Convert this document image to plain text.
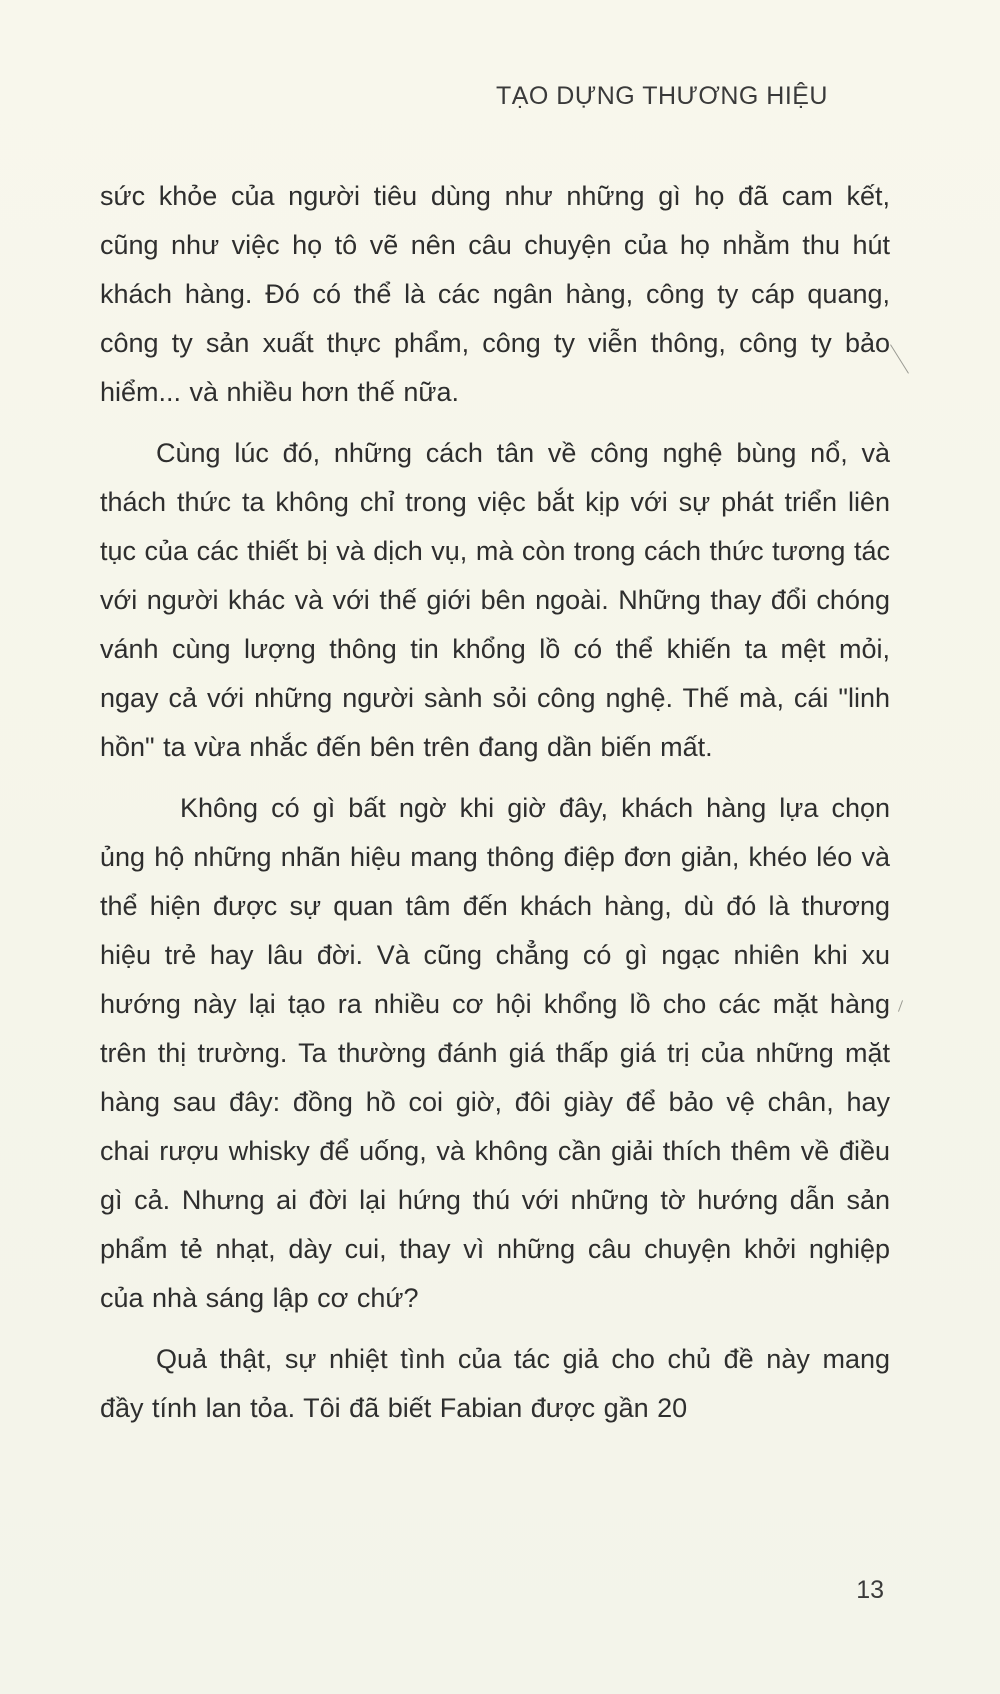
TẠO DỰNG THƯƠNG HIỆU

sức khỏe của người tiêu dùng như những gì họ đã cam kết, cũng như việc họ tô vẽ nên câu chuyện của họ nhằm thu hút khách hàng. Đó có thể là các ngân hàng, công ty cáp quang, công ty sản xuất thực phẩm, công ty viễn thông, công ty bảo hiểm... và nhiều hơn thế nữa.

Cùng lúc đó, những cách tân về công nghệ bùng nổ, và thách thức ta không chỉ trong việc bắt kịp với sự phát triển liên tục của các thiết bị và dịch vụ, mà còn trong cách thức tương tác với người khác và với thế giới bên ngoài. Những thay đổi chóng vánh cùng lượng thông tin khổng lồ có thể khiến ta mệt mỏi, ngay cả với những người sành sỏi công nghệ. Thế mà, cái "linh hồn" ta vừa nhắc đến bên trên đang dần biến mất.

Không có gì bất ngờ khi giờ đây, khách hàng lựa chọn ủng hộ những nhãn hiệu mang thông điệp đơn giản, khéo léo và thể hiện được sự quan tâm đến khách hàng, dù đó là thương hiệu trẻ hay lâu đời. Và cũng chẳng có gì ngạc nhiên khi xu hướng này lại tạo ra nhiều cơ hội khổng lồ cho các mặt hàng trên thị trường. Ta thường đánh giá thấp giá trị của những mặt hàng sau đây: đồng hồ coi giờ, đôi giày để bảo vệ chân, hay chai rượu whisky để uống, và không cần giải thích thêm về điều gì cả. Nhưng ai đời lại hứng thú với những tờ hướng dẫn sản phẩm tẻ nhạt, dày cui, thay vì những câu chuyện khởi nghiệp của nhà sáng lập cơ chứ?

Quả thật, sự nhiệt tình của tác giả cho chủ đề này mang đầy tính lan tỏa. Tôi đã biết Fabian được gần 20

13
